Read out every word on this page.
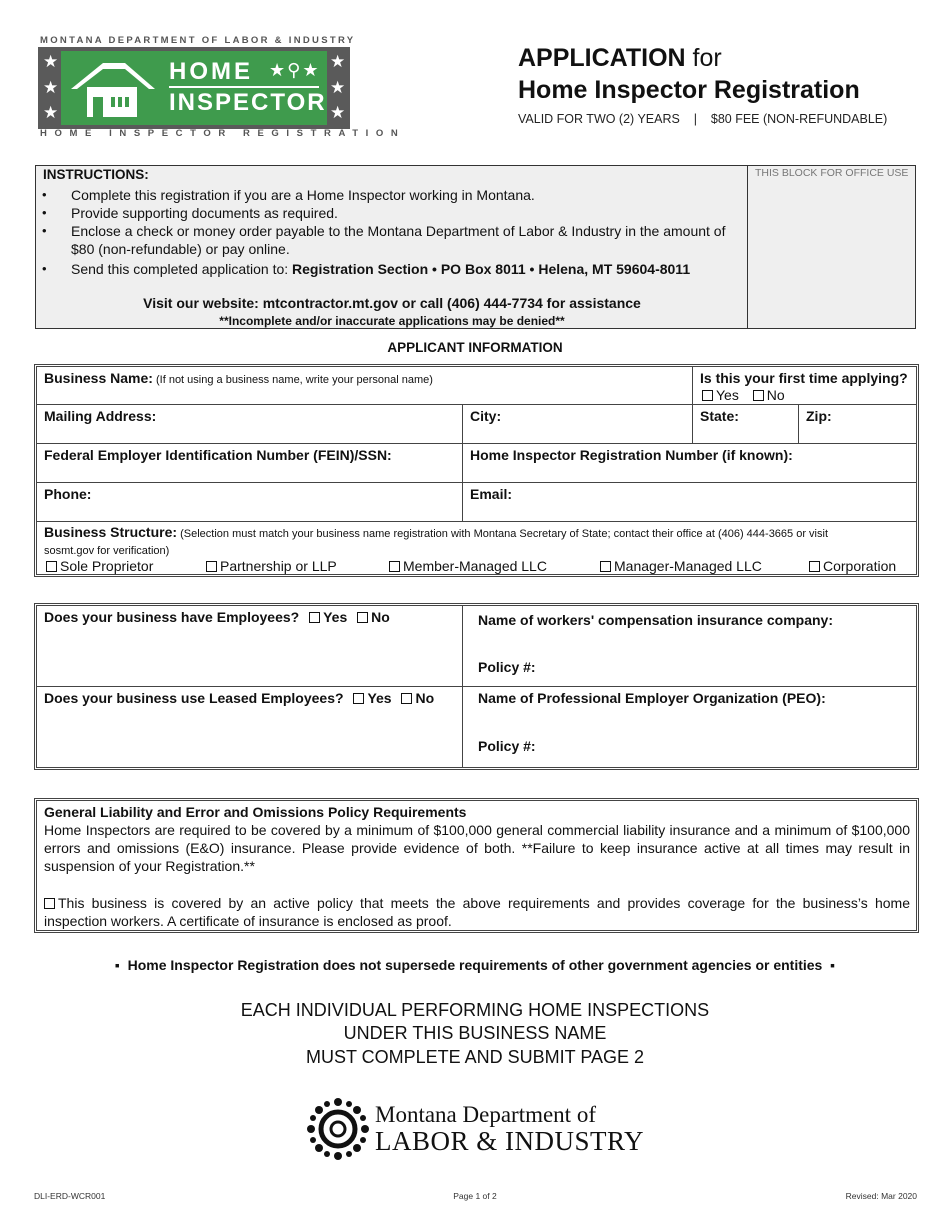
MONTANA DEPARTMENT OF LABOR & INDUSTRY
★
★
★
★
★
★
HOME ★⚲★
INSPECTOR
HOME INSPECTOR REGISTRATION
APPLICATION for
Home Inspector Registration
VALID FOR TWO (2) YEARS    |    $80 FEE (NON-REFUNDABLE)
INSTRUCTIONS:
• Complete this registration if you are a Home Inspector working in Montana.
• Provide supporting documents as required.
• Enclose a check or money order payable to the Montana Department of Labor & Industry in the amount of $80 (non-refundable) or pay online.
• Send this completed application to: Registration Section • PO Box 8011 • Helena, MT 59604-8011
Visit our website: mtcontractor.mt.gov or call (406) 444-7734 for assistance
**Incomplete and/or inaccurate applications may be denied**
THIS BLOCK FOR OFFICE USE
APPLICANT INFORMATION
Business Name: (If not using a business name, write your personal name)	Is this your first time applying?
Yes No
Mailing Address:	City:	State:	Zip:
Federal Employer Identification Number (FEIN)/SSN:	Home Inspector Registration Number (if known):
Phone:	Email:
Business Structure: (Selection must match your business name registration with Montana Secretary of State; contact their office at (406) 444-3665 or visit
sosmt.gov for verification)
Sole Proprietor	Partnership or LLP	Member-Managed LLC	Manager-Managed LLC	Corporation
Does your business have Employees? Yes No	Name of workers' compensation insurance company:
Policy #:
Does your business use Leased Employees? Yes No	Name of Professional Employer Organization (PEO):
Policy #:
General Liability and Error and Omissions Policy Requirements
Home Inspectors are required to be covered by a minimum of $100,000 general commercial liability insurance and a minimum of $100,000 errors and omissions (E&O) insurance. Please provide evidence of both. **Failure to keep insurance active at all times may result in suspension of your Registration.**
This business is covered by an active policy that meets the above requirements and provides coverage for the business’s home inspection workers. A certificate of insurance is enclosed as proof.
▪  Home Inspector Registration does not supersede requirements of other government agencies or entities  ▪
EACH INDIVIDUAL PERFORMING HOME INSPECTIONS
UNDER THIS BUSINESS NAME
MUST COMPLETE AND SUBMIT PAGE 2
Montana Department of
LABOR & INDUSTRY
DLI-ERD-WCR001	Page 1 of 2	Revised: Mar 2020
